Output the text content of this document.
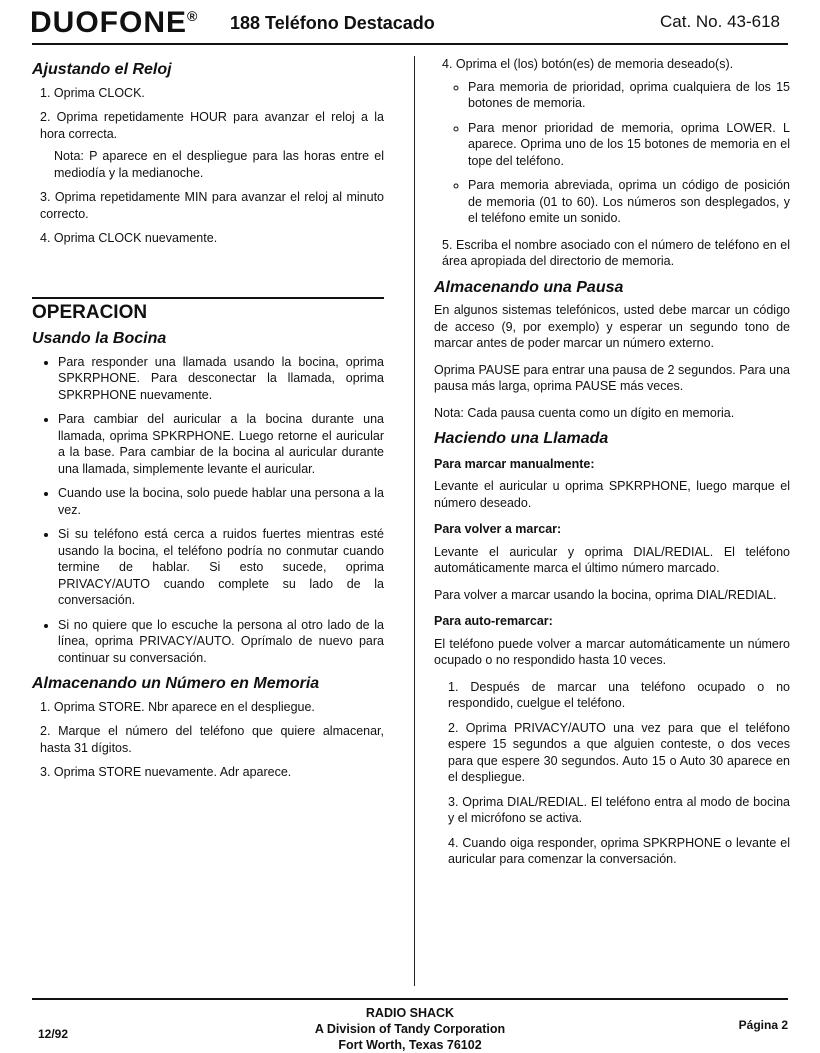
DUOFONE® 188 Teléfono Destacado	Cat. No. 43-618
Ajustando el Reloj
1. Oprima CLOCK.
2. Oprima repetidamente HOUR para avanzar el reloj a la hora correcta.
Nota: P aparece en el despliegue para las horas entre el mediodía y la medianoche.
3. Oprima repetidamente MIN para avanzar el reloj al minuto correcto.
4. Oprima CLOCK nuevamente.
OPERACION
Usando la Bocina
• Para responder una llamada usando la bocina, oprima SPKRPHONE. Para desconectar la llamada, oprima SPKRPHONE nuevamente.
• Para cambiar del auricular a la bocina durante una llamada, oprima SPKRPHONE. Luego retorne el auricular a la base. Para cambiar de la bocina al auricular durante una llamada, simplemente levante el auricular.
• Cuando use la bocina, solo puede hablar una persona a la vez.
• Si su teléfono está cerca a ruidos fuertes mientras esté usando la bocina, el teléfono podría no conmutar cuando termine de hablar. Si esto sucede, oprima PRIVACY/AUTO cuando complete su lado de la conversación.
• Si no quiere que lo escuche la persona al otro lado de la línea, oprima PRIVACY/AUTO. Oprímalo de nuevo para continuar su conversación.
Almacenando un Número en Memoria
1. Oprima STORE. Nbr aparece en el despliegue.
2. Marque el número del teléfono que quiere almacenar, hasta 31 dígitos.
3. Oprima STORE nuevamente. Adr aparece.
4. Oprima el (los) botón(es) de memoria deseado(s).
◦ Para memoria de prioridad, oprima cualquiera de los 15 botones de memoria.
◦ Para menor prioridad de memoria, oprima LOWER. L aparece. Oprima uno de los 15 botones de memoria en el tope del teléfono.
◦ Para memoria abreviada, oprima un código de posición de memoria (01 to 60). Los números son desplegados, y el teléfono emite un sonido.
5. Escriba el nombre asociado con el número de teléfono en el área apropiada del directorio de memoria.
Almacenando una Pausa

En algunos sistemas telefónicos, usted debe marcar un código de acceso (9, por exemplo) y esperar un segundo tono de marcar antes de poder marcar un número externo.

Oprima PAUSE para entrar una pausa de 2 segundos. Para una pausa más larga, oprima PAUSE más veces.

Nota: Cada pausa cuenta como un dígito en memoria.

Haciendo una Llamada
Para marcar manualmente:

Levante el auricular u oprima SPKRPHONE, luego marque el número deseado.

Para volver a marcar:

Levante el auricular y oprima DIAL/REDIAL. El teléfono automáticamente marca el último número marcado.

Para volver a marcar usando la bocina, oprima DIAL/REDIAL.

Para auto-remarcar:

El teléfono puede volver a marcar automáticamente un número ocupado o no respondido hasta 10 veces.

1. Después de marcar una teléfono ocupado o no respondido, cuelgue el teléfono.
2. Oprima PRIVACY/AUTO una vez para que el teléfono espere 15 segundos a que alguien conteste, o dos veces para que espere 30 segundos. Auto 15 o Auto 30 aparece en el despliegue.
3. Oprima DIAL/REDIAL. El teléfono entra al modo de bocina y el micrófono se activa.
4. Cuando oiga responder, oprima SPKRPHONE o levante el auricular para comenzar la conversación.
12/92
RADIO SHACK
A Division of Tandy Corporation
Fort Worth, Texas 76102
Página 2
